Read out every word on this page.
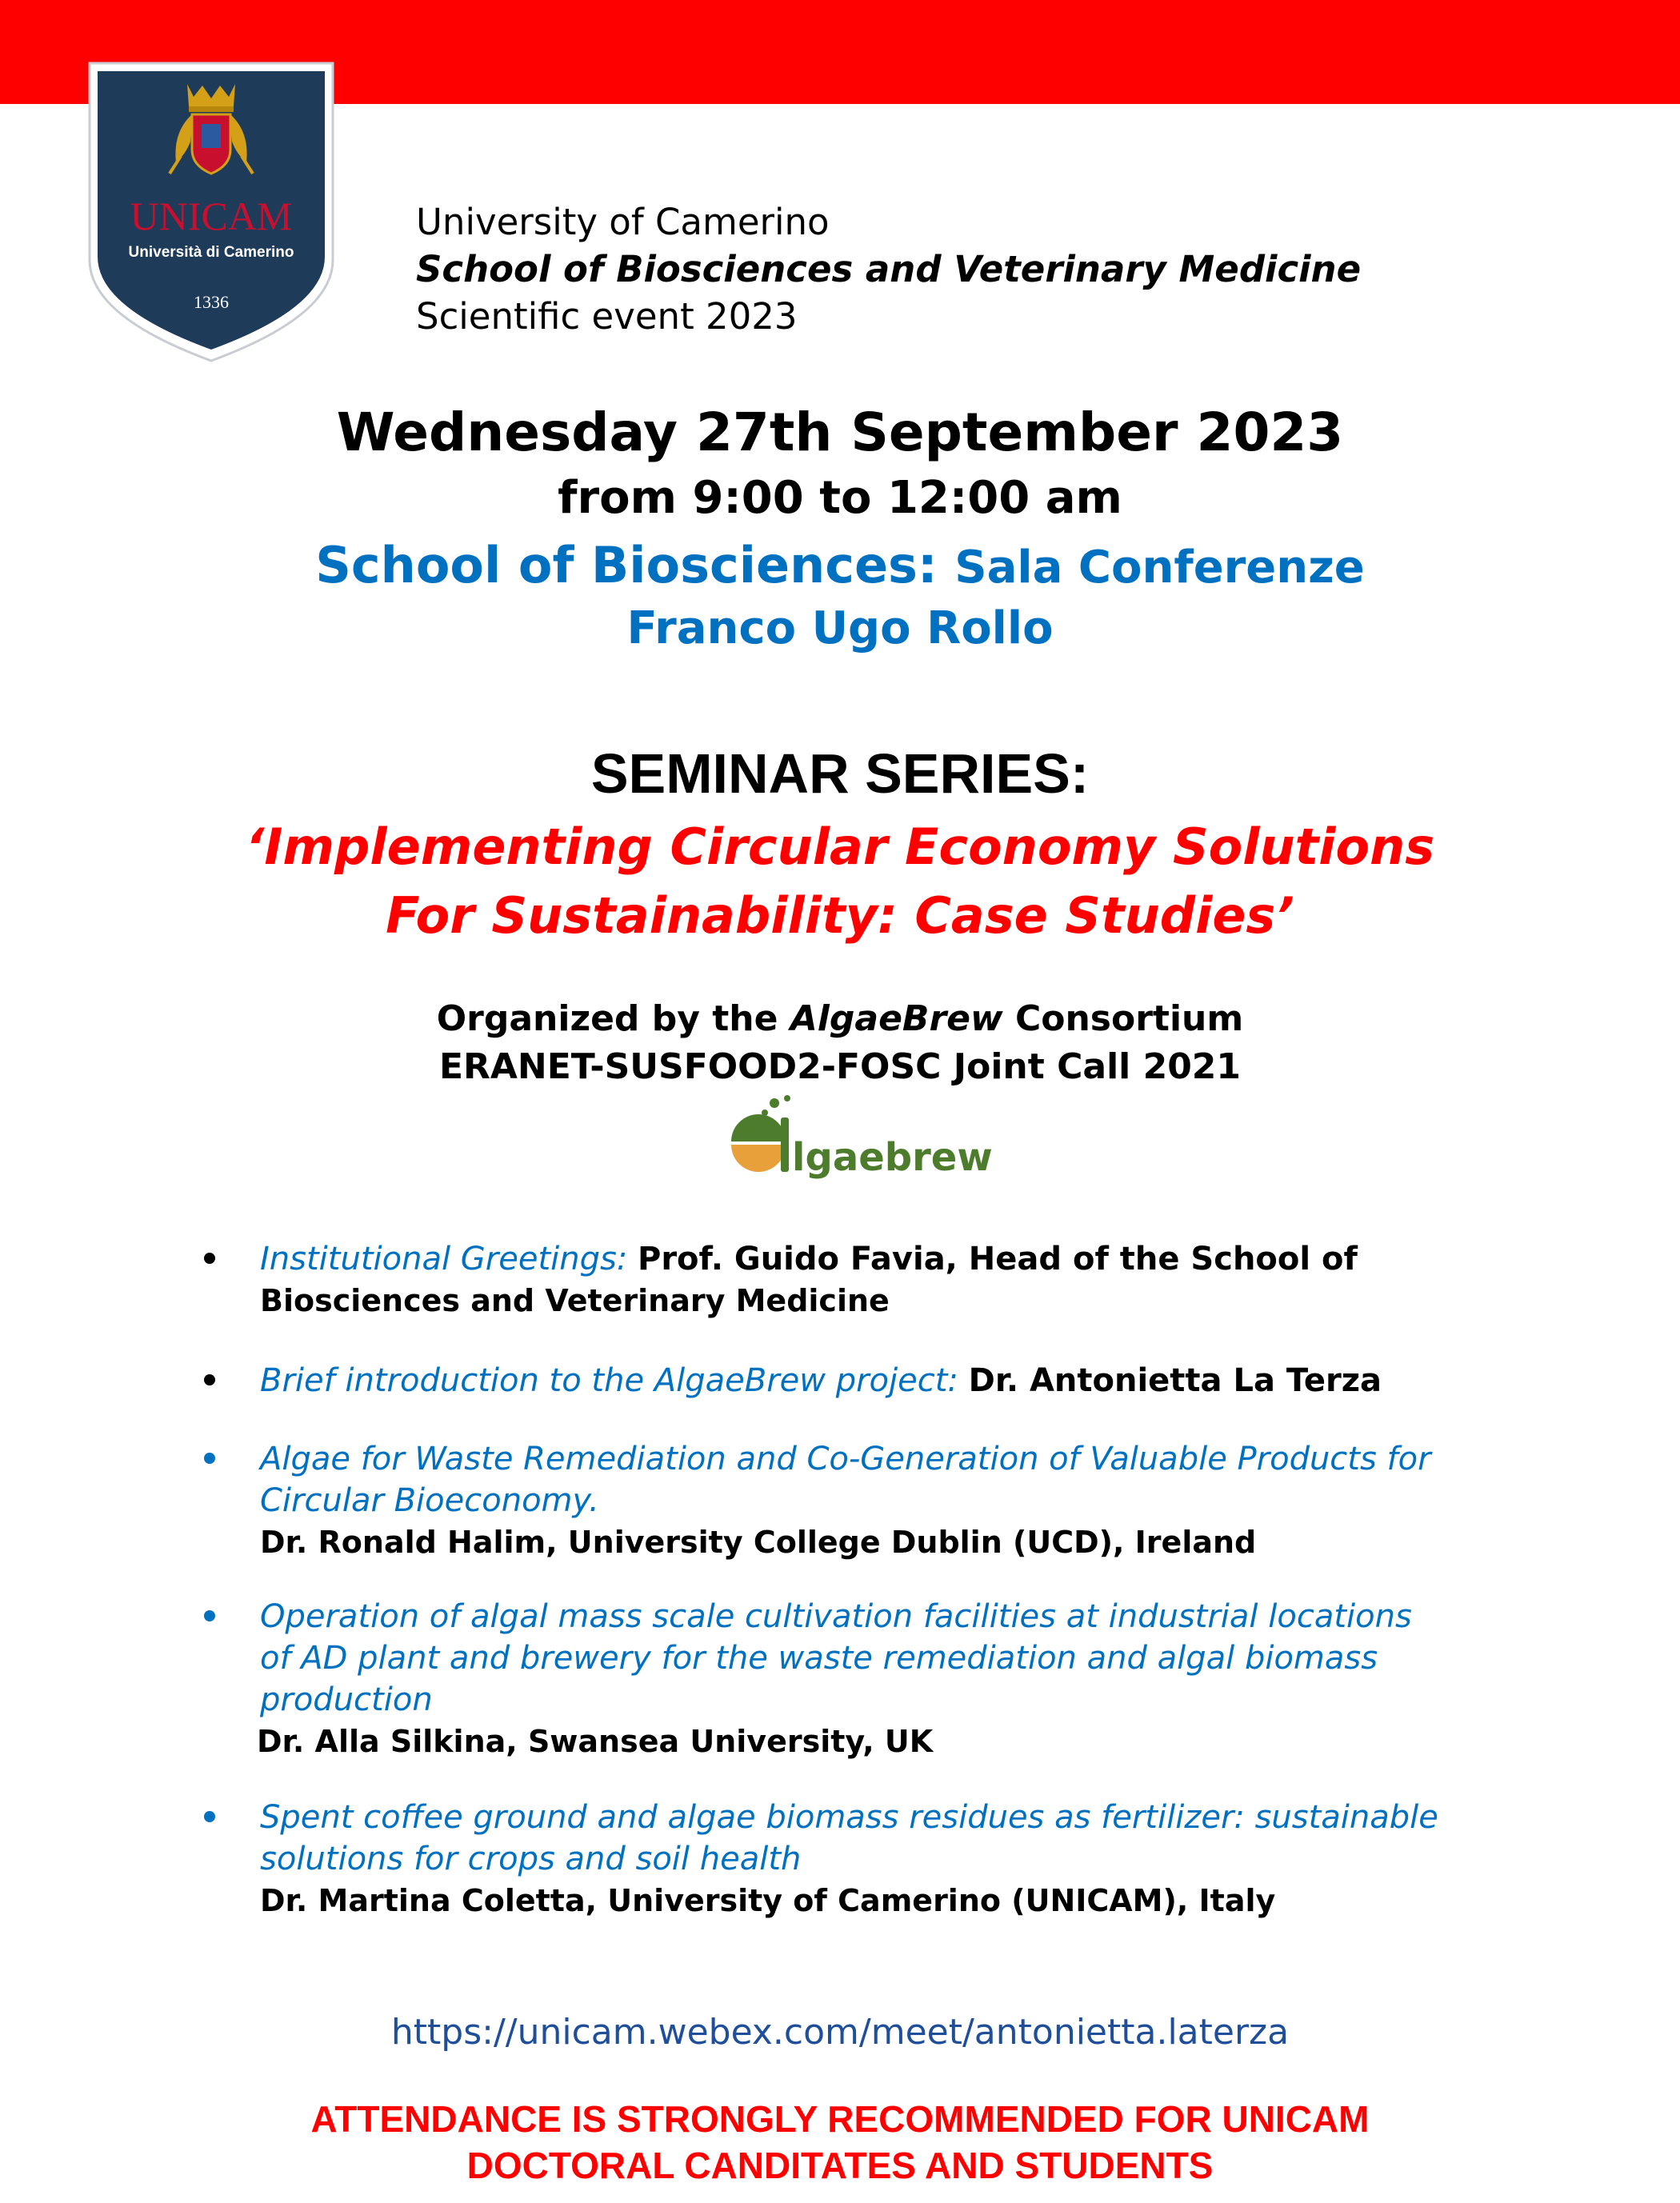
UNICAM
Università di Camerino
1336
University of Camerino
School of Biosciences and Veterinary Medicine
Scientific event 2023
Wednesday 27th September 2023
from 9:00 to 12:00 am
School of Biosciences: Sala Conferenze
Franco Ugo Rollo
SEMINAR SERIES:
‘Implementing Circular Economy Solutions
For Sustainability: Case Studies’
Organized by the AlgaeBrew Consortium
ERANET-SUSFOOD2-FOSC Joint Call 2021
lgaebrew
Institutional Greetings: Prof. Guido Favia, Head of the School of
Biosciences and Veterinary Medicine
Brief introduction to the AlgaeBrew project: Dr. Antonietta La Terza
Algae for Waste Remediation and Co-Generation of Valuable Products for
Circular Bioeconomy.
Dr. Ronald Halim, University College Dublin (UCD), Ireland
Operation of algal mass scale cultivation facilities at industrial locations
of AD plant and brewery for the waste remediation and algal biomass
production
Dr. Alla Silkina, Swansea University, UK
Spent coffee ground and algae biomass residues as fertilizer: sustainable
solutions for crops and soil health
Dr. Martina Coletta, University of Camerino (UNICAM), Italy
https://unicam.webex.com/meet/antonietta.laterza
ATTENDANCE IS STRONGLY RECOMMENDED FOR UNICAM
DOCTORAL CANDITATES AND STUDENTS
